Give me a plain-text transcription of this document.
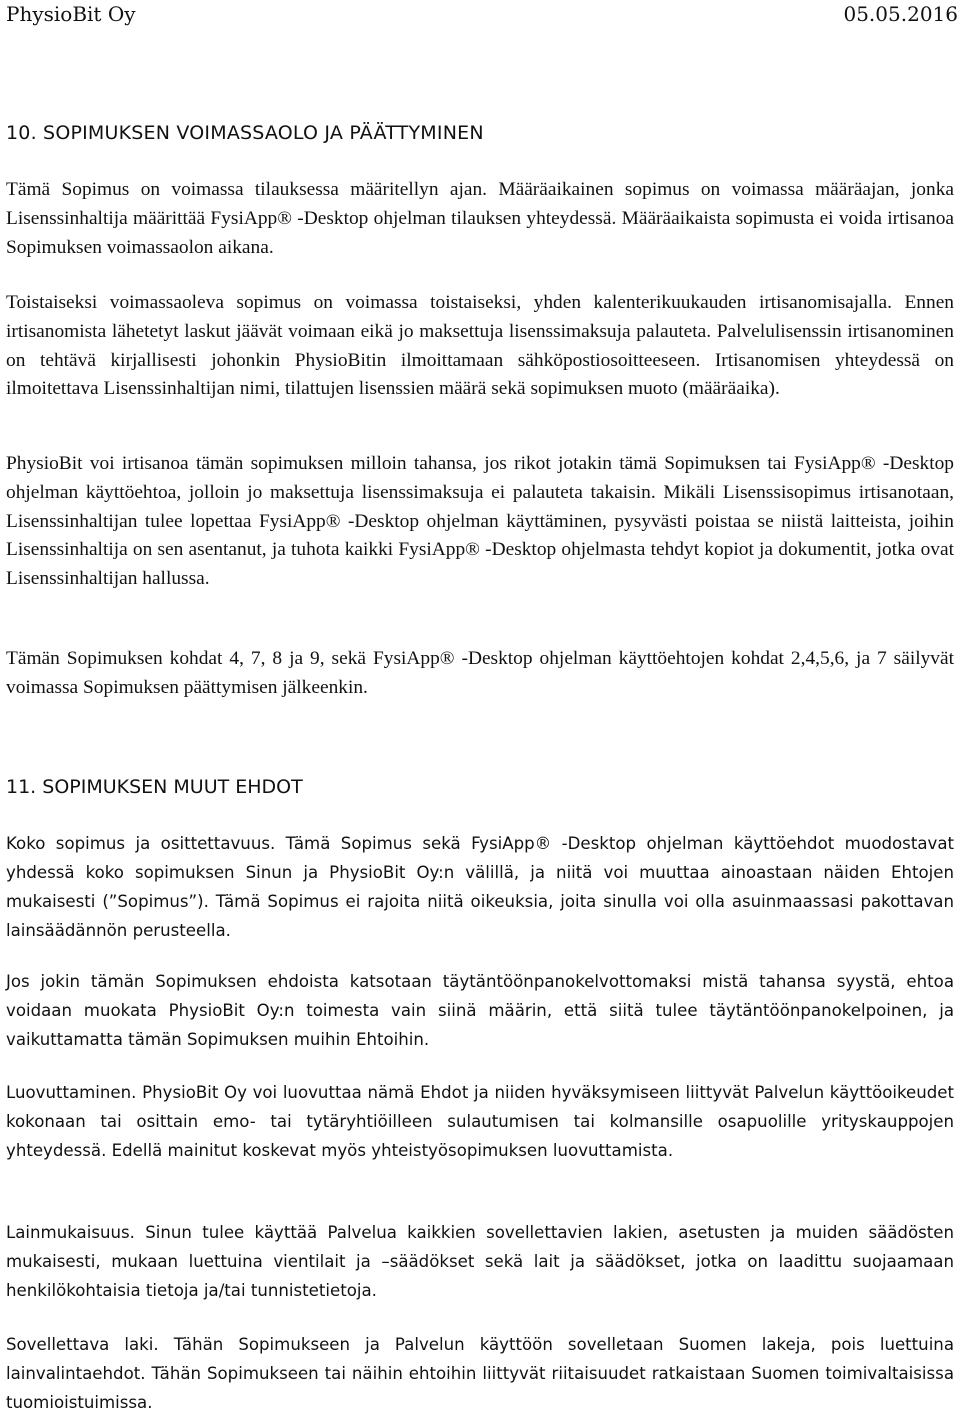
PhysioBit Oy	05.05.2016
10. SOPIMUKSEN VOIMASSAOLO JA PÄÄTTYMINEN

Tämä Sopimus on voimassa tilauksessa määritellyn ajan. Määräaikainen sopimus on voimassa määräajan, jonka Lisenssinhaltija määrittää FysiApp® -Desktop ohjelman tilauksen yhteydessä. Määräaikaista sopimusta ei voida irtisanoa Sopimuksen voimassaolon aikana.

Toistaiseksi voimassaoleva sopimus on voimassa toistaiseksi, yhden kalenterikuukauden irtisanomisajalla. Ennen irtisanomista lähetetyt laskut jäävät voimaan eikä jo maksettuja lisenssimaksuja palauteta. Palvelulisenssin irtisanominen on tehtävä kirjallisesti johonkin PhysioBitin ilmoittamaan sähköpostiosoitteeseen. Irtisanomisen yhteydessä on ilmoitettava Lisenssinhaltijan nimi, tilattujen lisenssien määrä sekä sopimuksen muoto (määräaika).

PhysioBit voi irtisanoa tämän sopimuksen milloin tahansa, jos rikot jotakin tämä Sopimuksen tai FysiApp® -Desktop ohjelman käyttöehtoa, jolloin jo maksettuja lisenssimaksuja ei palauteta takaisin. Mikäli Lisenssisopimus irtisanotaan, Lisenssinhaltijan tulee lopettaa FysiApp® -Desktop ohjelman käyttäminen, pysyvästi poistaa se niistä laitteista, joihin Lisenssinhaltija on sen asentanut, ja tuhota kaikki FysiApp® -Desktop ohjelmasta tehdyt kopiot ja dokumentit, jotka ovat Lisenssinhaltijan hallussa.

Tämän Sopimuksen kohdat 4, 7, 8 ja 9, sekä FysiApp® -Desktop ohjelman käyttöehtojen kohdat 2,4,5,6, ja 7 säilyvät voimassa Sopimuksen päättymisen jälkeenkin.

11. SOPIMUKSEN MUUT EHDOT

Koko sopimus ja osittettavuus. Tämä Sopimus sekä FysiApp® -Desktop ohjelman käyttöehdot muodostavat yhdessä koko sopimuksen Sinun ja PhysioBit Oy:n välillä, ja niitä voi muuttaa ainoastaan näiden Ehtojen mukaisesti (”Sopimus”). Tämä Sopimus ei rajoita niitä oikeuksia, joita sinulla voi olla asuinmaassasi pakottavan lainsäädännön perusteella.

Jos jokin tämän Sopimuksen ehdoista katsotaan täytäntöönpanokelvottomaksi mistä tahansa syystä, ehtoa voidaan muokata PhysioBit Oy:n toimesta vain siinä määrin, että siitä tulee täytäntöönpanokelpoinen, ja vaikuttamatta tämän Sopimuksen muihin Ehtoihin.

Luovuttaminen. PhysioBit Oy voi luovuttaa nämä Ehdot ja niiden hyväksymiseen liittyvät Palvelun käyttöoikeudet kokonaan tai osittain emo- tai tytäryhtiöilleen sulautumisen tai kolmansille osapuolille yrityskauppojen yhteydessä. Edellä mainitut koskevat myös yhteistyösopimuksen luovuttamista.

Lainmukaisuus. Sinun tulee käyttää Palvelua kaikkien sovellettavien lakien, asetusten ja muiden säädösten mukaisesti, mukaan luettuina vientilait ja –säädökset sekä lait ja säädökset, jotka on laadittu suojaamaan henkilökohtaisia tietoja ja/tai tunnistetietoja.

Sovellettava laki. Tähän Sopimukseen ja Palvelun käyttöön sovelletaan Suomen lakeja, pois luettuina lainvalintaehdot. Tähän Sopimukseen tai näihin ehtoihin liittyvät riitaisuudet ratkaistaan Suomen toimivaltaisissa tuomioistuimissa.
